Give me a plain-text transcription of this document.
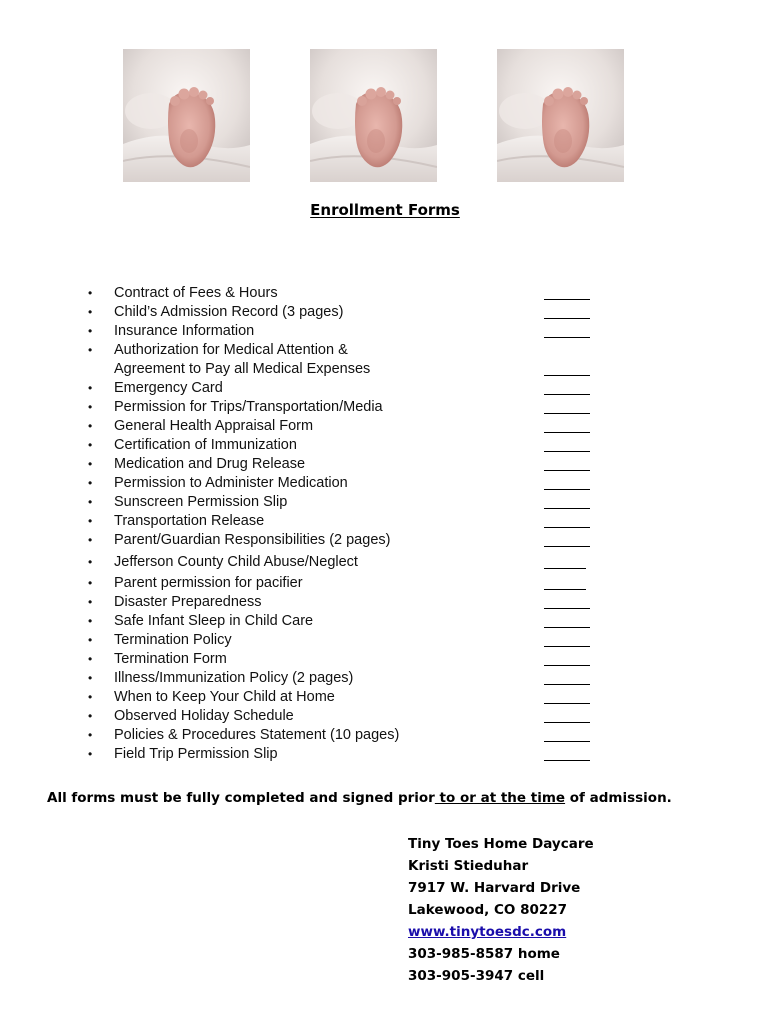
Enrollment Forms
• Contract of Fees & Hours
• Child’s Admission Record (3 pages)
• Insurance Information
• Authorization for Medical Attention &
Agreement to Pay all Medical Expenses
• Emergency Card
• Permission for Trips/Transportation/Media
• General Health Appraisal Form
• Certification of Immunization
• Medication and Drug Release
• Permission to Administer Medication
• Sunscreen Permission Slip
• Transportation Release
• Parent/Guardian Responsibilities (2 pages)
• Jefferson County Child Abuse/Neglect
• Parent permission for pacifier
• Disaster Preparedness
• Safe Infant Sleep in Child Care
• Termination Policy
• Termination Form
• Illness/Immunization Policy (2 pages)
• When to Keep Your Child at Home
• Observed Holiday Schedule
• Policies & Procedures Statement (10 pages)
• Field Trip Permission Slip
All forms must be fully completed and signed prior to or at the time of admission.
Tiny Toes Home Daycare
Kristi Stieduhar
7917 W. Harvard Drive
Lakewood, CO 80227
www.tinytoesdc.com
303-985-8587 home
303-905-3947 cell
